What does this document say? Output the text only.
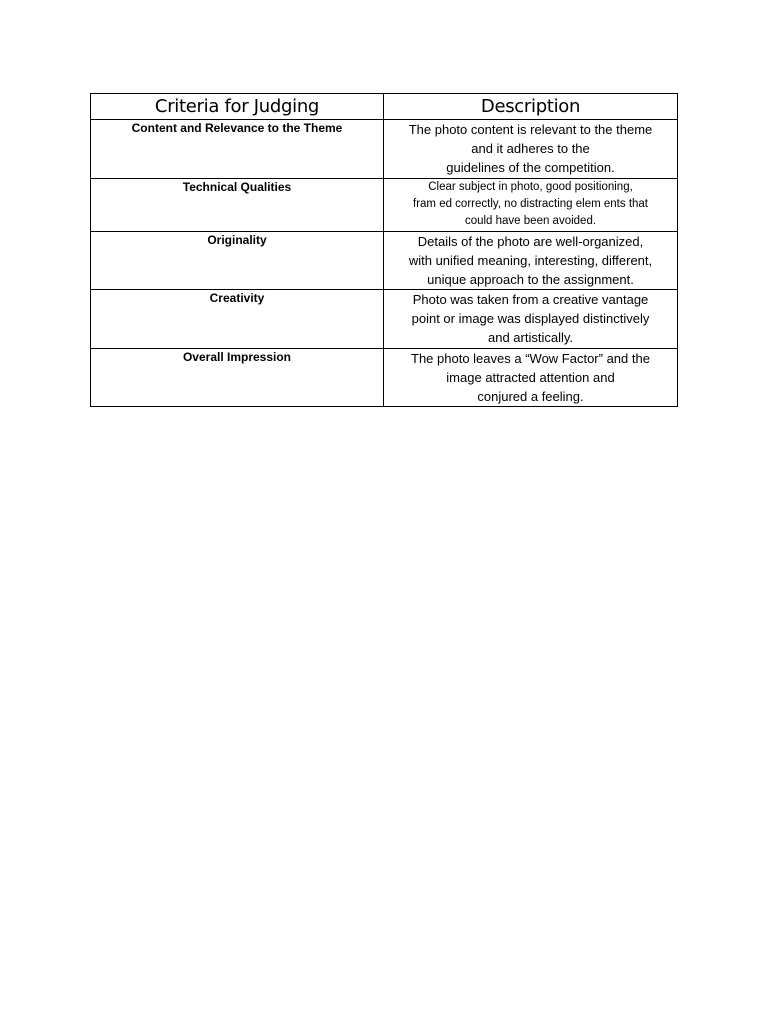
Criteria for Judging	Description
Content and Relevance to the Theme	The photo content is relevant to the theme
and it adheres to the
guidelines of the competition.

Technical Qualities	Clear subject in photo, good positioning,
fram ed correctly, no distracting elem ents that
could have been avoided.

Originality	Details of the photo are well-organized,
with unified meaning, interesting, different,
unique approach to the assignment.

Creativity	Photo was taken from a creative vantage
point or image was displayed distinctively
and artistically.

Overall Impression	The photo leaves a “Wow Factor” and the
image attracted attention and
conjured a feeling.
